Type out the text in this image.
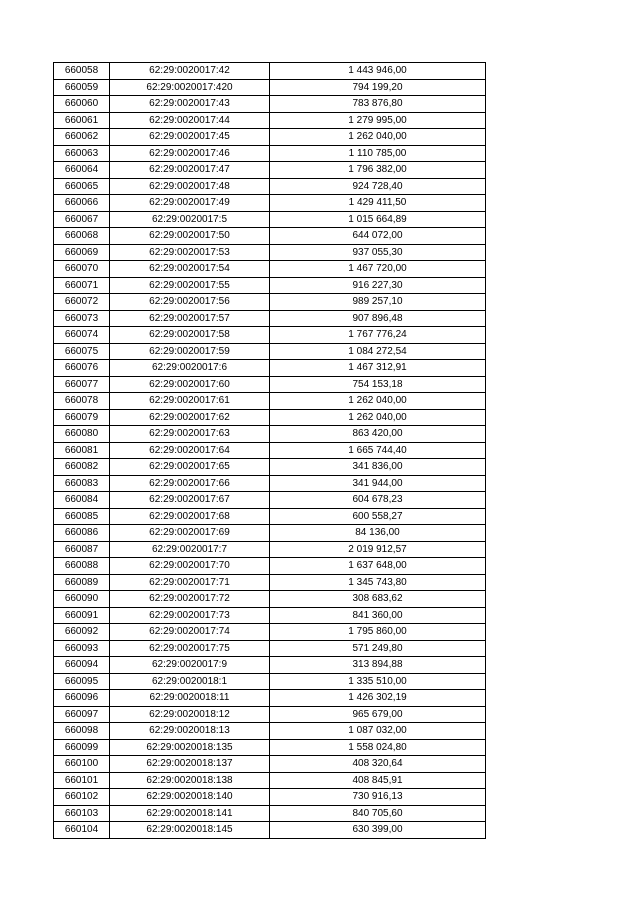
660058	62:29:0020017:42	1 443 946,00
660059	62:29:0020017:420	794 199,20
660060	62:29:0020017:43	783 876,80
660061	62:29:0020017:44	1 279 995,00
660062	62:29:0020017:45	1 262 040,00
660063	62:29:0020017:46	1 110 785,00
660064	62:29:0020017:47	1 796 382,00
660065	62:29:0020017:48	924 728,40
660066	62:29:0020017:49	1 429 411,50
660067	62:29:0020017:5	1 015 664,89
660068	62:29:0020017:50	644 072,00
660069	62:29:0020017:53	937 055,30
660070	62:29:0020017:54	1 467 720,00
660071	62:29:0020017:55	916 227,30
660072	62:29:0020017:56	989 257,10
660073	62:29:0020017:57	907 896,48
660074	62:29:0020017:58	1 767 776,24
660075	62:29:0020017:59	1 084 272,54
660076	62:29:0020017:6	1 467 312,91
660077	62:29:0020017:60	754 153,18
660078	62:29:0020017:61	1 262 040,00
660079	62:29:0020017:62	1 262 040,00
660080	62:29:0020017:63	863 420,00
660081	62:29:0020017:64	1 665 744,40
660082	62:29:0020017:65	341 836,00
660083	62:29:0020017:66	341 944,00
660084	62:29:0020017:67	604 678,23
660085	62:29:0020017:68	600 558,27
660086	62:29:0020017:69	84 136,00
660087	62:29:0020017:7	2 019 912,57
660088	62:29:0020017:70	1 637 648,00
660089	62:29:0020017:71	1 345 743,80
660090	62:29:0020017:72	308 683,62
660091	62:29:0020017:73	841 360,00
660092	62:29:0020017:74	1 795 860,00
660093	62:29:0020017:75	571 249,80
660094	62:29:0020017:9	313 894,88
660095	62:29:0020018:1	1 335 510,00
660096	62:29:0020018:11	1 426 302,19
660097	62:29:0020018:12	965 679,00
660098	62:29:0020018:13	1 087 032,00
660099	62:29:0020018:135	1 558 024,80
660100	62:29:0020018:137	408 320,64
660101	62:29:0020018:138	408 845,91
660102	62:29:0020018:140	730 916,13
660103	62:29:0020018:141	840 705,60
660104	62:29:0020018:145	630 399,00
